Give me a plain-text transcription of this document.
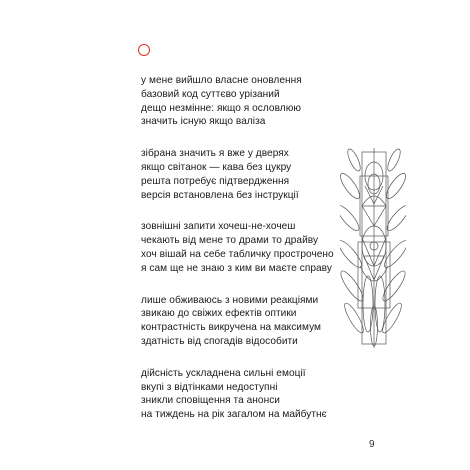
у мене вийшло власне оновлення
базовий код суттєво урізаний
дещо незмінне: якщо я ословлюю
значить існую якщо валіза
зібрана значить я вже у дверях
якщо світанок — кава без цукру
решта потребує підтвердження
версія встановлена без інструкції
зовнішні запити хочеш-не-хочеш
чекають від мене то драми то драйву
хоч вішай на себе табличку прострочено
я сам ще не знаю з ким ви маєте справу
лише обживаюсь з новими реакціями
звикаю до свіжих ефектів оптики
контрастність викручена на максимум
здатність від спогадів відособити
дійсність ускладнена сильні емоції
вкупі з відтінками недоступні
зникли сповіщення та анонси
на тиждень на рік загалом на майбутнє
9
